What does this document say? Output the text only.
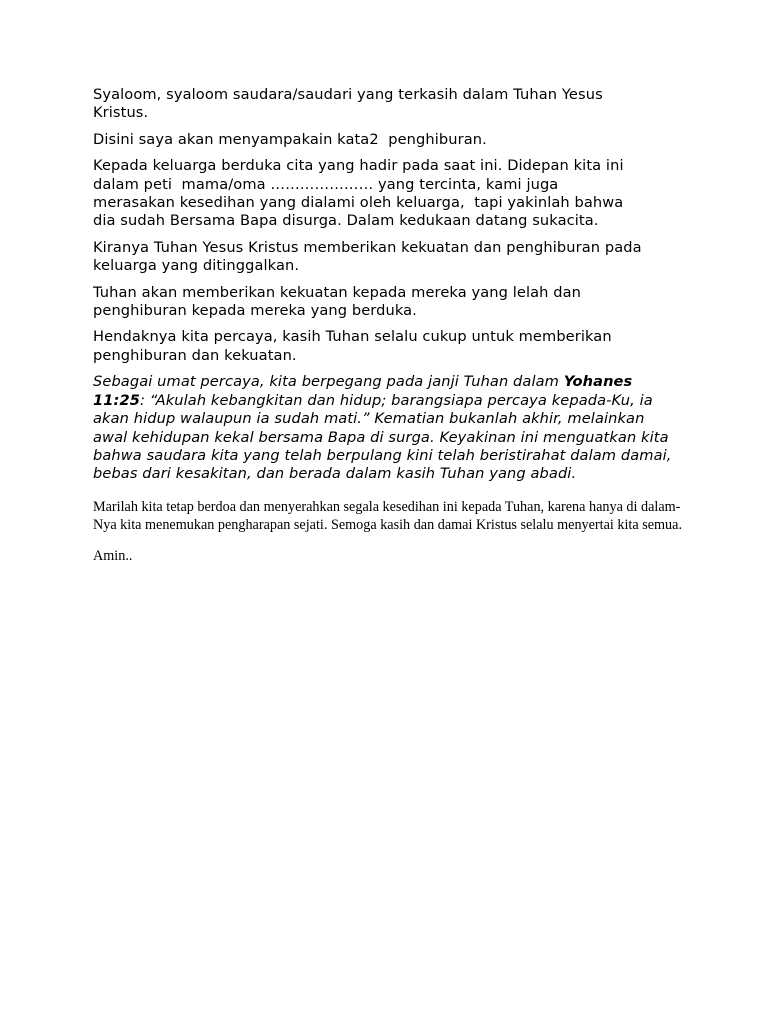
Syaloom, syaloom saudara/saudari yang terkasih dalam Tuhan Yesus
Kristus.

Disini saya akan menyampakain kata2  penghiburan.

Kepada keluarga berduka cita yang hadir pada saat ini. Didepan kita ini
dalam peti  mama/oma ………………… yang tercinta, kami juga
merasakan kesedihan yang dialami oleh keluarga,  tapi yakinlah bahwa
dia sudah Bersama Bapa disurga. Dalam kedukaan datang sukacita.

Kiranya Tuhan Yesus Kristus memberikan kekuatan dan penghiburan pada
keluarga yang ditinggalkan.

Tuhan akan memberikan kekuatan kepada mereka yang lelah dan
penghiburan kepada mereka yang berduka.

Hendaknya kita percaya, kasih Tuhan selalu cukup untuk memberikan
penghiburan dan kekuatan.

Sebagai umat percaya, kita berpegang pada janji Tuhan dalam Yohanes 11:25: “Akulah kebangkitan dan hidup; barangsiapa percaya kepada-Ku, ia akan hidup walaupun ia sudah mati.” Kematian bukanlah akhir, melainkan awal kehidupan kekal bersama Bapa di surga. Keyakinan ini menguatkan kita bahwa saudara kita yang telah berpulang kini telah beristirahat dalam damai, bebas dari kesakitan, dan berada dalam kasih Tuhan yang abadi.

Marilah kita tetap berdoa dan menyerahkan segala kesedihan ini kepada Tuhan, karena hanya di dalam-Nya kita menemukan pengharapan sejati. Semoga kasih dan damai Kristus selalu menyertai kita semua.

Amin..
